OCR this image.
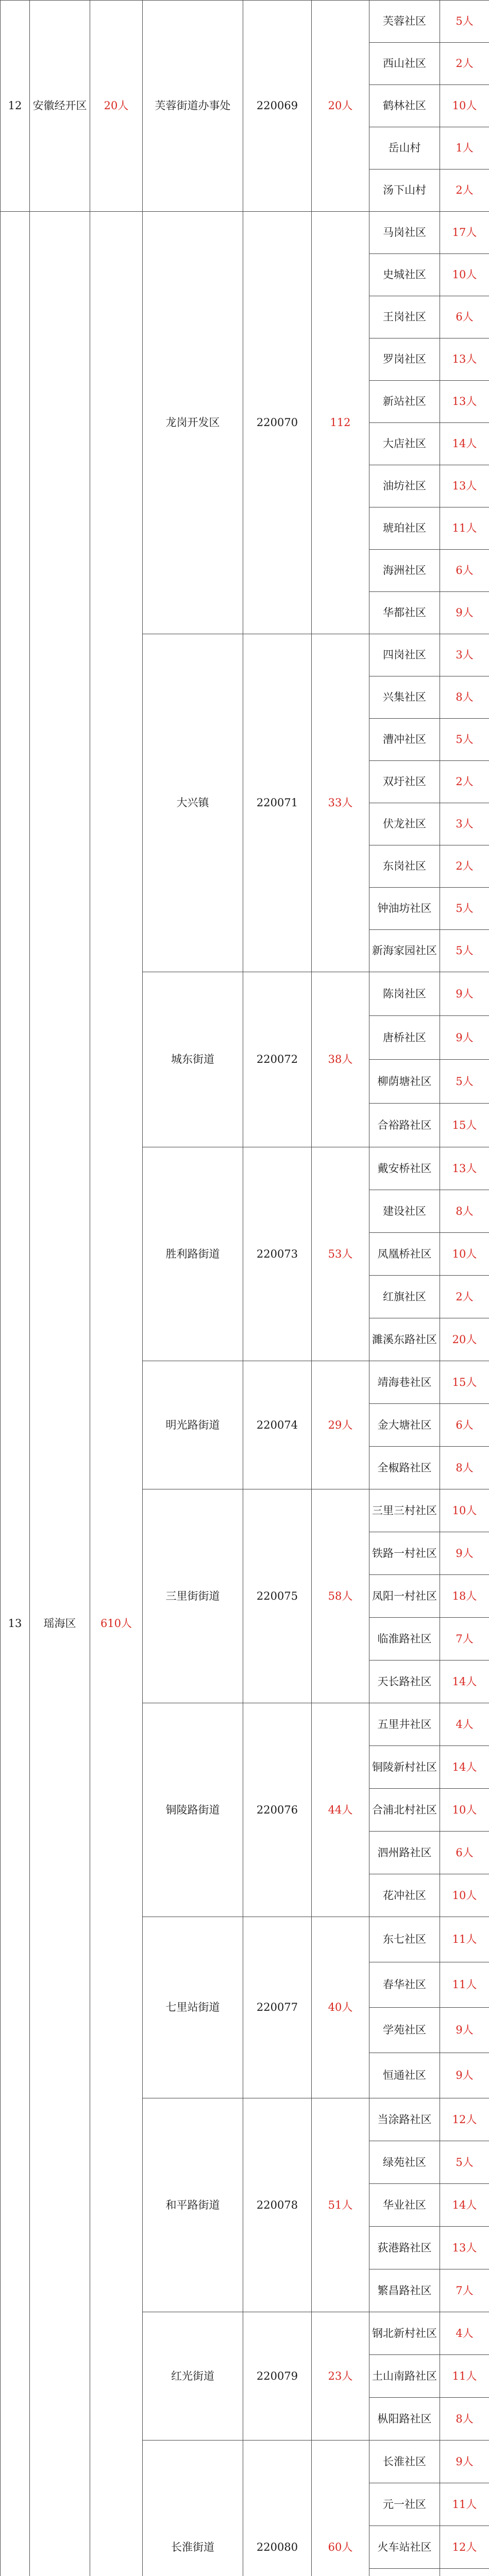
12	安徽经开区	20人	芙蓉街道办事处	220069	20人	芙蓉社区	5人
						西山社区	2人
						鹤林社区	10人
						岳山村	1人
						汤下山村	2人
13	瑶海区	610人	龙岗开发区	220070	112	马岗社区	17人
						史城社区	10人
						王岗社区	6人
						罗岗社区	13人
						新站社区	13人
						大店社区	14人
						油坊社区	13人
						琥珀社区	11人
						海洲社区	6人
						华都社区	9人
			大兴镇	220071	33人	四岗社区	3人
						兴集社区	8人
						漕冲社区	5人
						双圩社区	2人
						伏龙社区	3人
						东岗社区	2人
						钟油坊社区	5人
						新海家园社区	5人
			城东街道	220072	38人	陈岗社区	9人
						唐桥社区	9人
						柳荫塘社区	5人
						合裕路社区	15人
			胜利路街道	220073	53人	戴安桥社区	13人
						建设社区	8人
						凤凰桥社区	10人
						红旗社区	2人
						濉溪东路社区	20人
			明光路街道	220074	29人	靖海巷社区	15人
						金大塘社区	6人
						全椒路社区	8人
			三里街街道	220075	58人	三里三村社区	10人
						铁路一村社区	9人
						凤阳一村社区	18人
						临淮路社区	7人
						天长路社区	14人
			铜陵路街道	220076	44人	五里井社区	4人
						铜陵新村社区	14人
						合浦北村社区	10人
						泗州路社区	6人
						花冲社区	10人
			七里站街道	220077	40人	东七社区	11人
						春华社区	11人
						学苑社区	9人
						恒通社区	9人
			和平路街道	220078	51人	当涂路社区	12人
						绿苑社区	5人
						华业社区	14人
						荻港路社区	13人
						繁昌路社区	7人
			红光街道	220079	23人	钢北新村社区	4人
						土山南路社区	11人
						枞阳路社区	8人
			长淮街道	220080	60人	长淮社区	9人
						元一社区	11人
						火车站社区	12人
